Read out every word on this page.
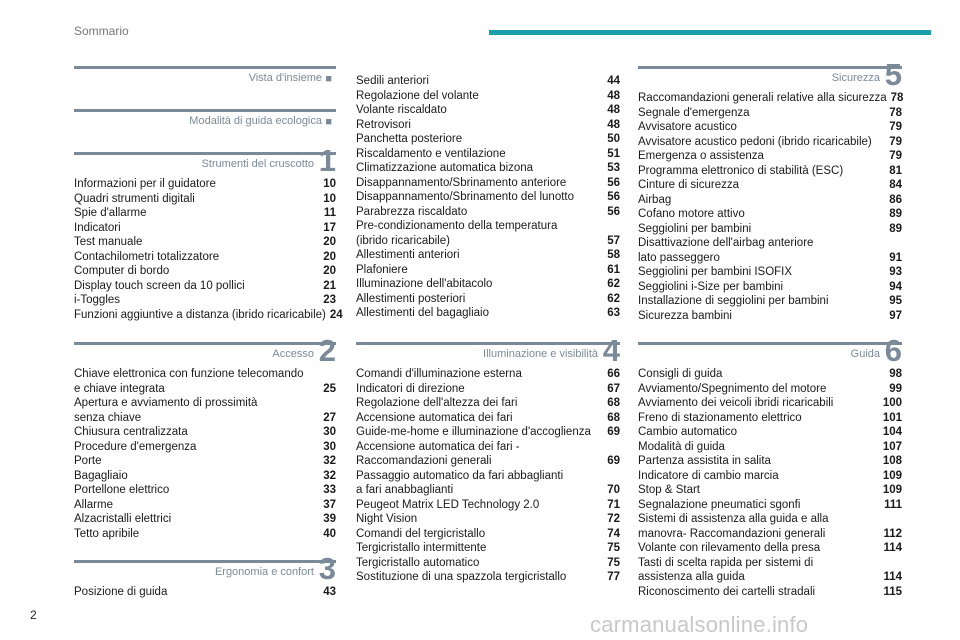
Sommario
Vista d'insieme ■
Modalità di guida ecologica ■
Strumenti del cruscotto 1
Informazioni per il guidatore	10
Quadri strumenti digitali	10
Spie d'allarme	11
Indicatori	17
Test manuale	20
Contachilometri totalizzatore	20
Computer di bordo	20
Display touch screen da 10 pollici	21
i-Toggles	23
Funzioni aggiuntive a distanza (ibrido ricaricabile) 24
Accesso 2
Chiave elettronica con funzione telecomando
e chiave integrata	25
Apertura e avviamento di prossimità
senza chiave	27
Chiusura centralizzata	30
Procedure d'emergenza	30
Porte	32
Bagagliaio	32
Portellone elettrico	33
Allarme	37
Alzacristalli elettrici	39
Tetto apribile	40
Ergonomia e confort 3
Posizione di guida	43
Sedili anteriori	44
Regolazione del volante	48
Volante riscaldato	48
Retrovisori	48
Panchetta posteriore	50
Riscaldamento e ventilazione	51
Climatizzazione automatica bizona	53
Disappannamento/Sbrinamento anteriore	56
Disappannamento/Sbrinamento del lunotto	56
Parabrezza riscaldato	56
Pre-condizionamento della temperatura
(ibrido ricaricabile)	57
Allestimenti anteriori	58
Plafoniere	61
Illuminazione dell'abitacolo	62
Allestimenti posteriori	62
Allestimenti del bagagliaio	63
Illuminazione e visibilità 4
Comandi d'illuminazione esterna	66
Indicatori di direzione	67
Regolazione dell'altezza dei fari	68
Accensione automatica dei fari	68
Guide-me-home e illuminazione d'accoglienza	69
Accensione automatica dei fari -
Raccomandazioni generali	69
Passaggio automatico da fari abbaglianti
a fari anabbaglianti	70
Peugeot Matrix LED Technology 2.0	71
Night Vision	72
Comandi del tergicristallo	74
Tergicristallo intermittente	75
Tergicristallo automatico	75
Sostituzione di una spazzola tergicristallo	77
Sicurezza 5
Raccomandazioni generali relative alla sicurezza 78
Segnale d'emergenza	78
Avvisatore acustico	79
Avvisatore acustico pedoni (ibrido ricaricabile)	79
Emergenza o assistenza	79
Programma elettronico di stabilità (ESC)	81
Cinture di sicurezza	84
Airbag	86
Cofano motore attivo	89
Seggiolini per bambini	89
Disattivazione dell'airbag anteriore
lato passeggero	91
Seggiolini per bambini ISOFIX	93
Seggiolini i-Size per bambini	94
Installazione di seggiolini per bambini	95
Sicurezza bambini	97
Guida 6
Consigli di guida	98
Avviamento/Spegnimento del motore	99
Avviamento dei veicoli ibridi ricaricabili	100
Freno di stazionamento elettrico	101
Cambio automatico	104
Modalità di guida	107
Partenza assistita in salita	108
Indicatore di cambio marcia	109
Stop & Start	109
Segnalazione pneumatici sgonfi	111
Sistemi di assistenza alla guida e alla
manovra- Raccomandazioni generali	112
Volante con rilevamento della presa	114
Tasti di scelta rapida per sistemi di
assistenza alla guida	114
Riconoscimento dei cartelli stradali	115
2	carmanualsonline.info
